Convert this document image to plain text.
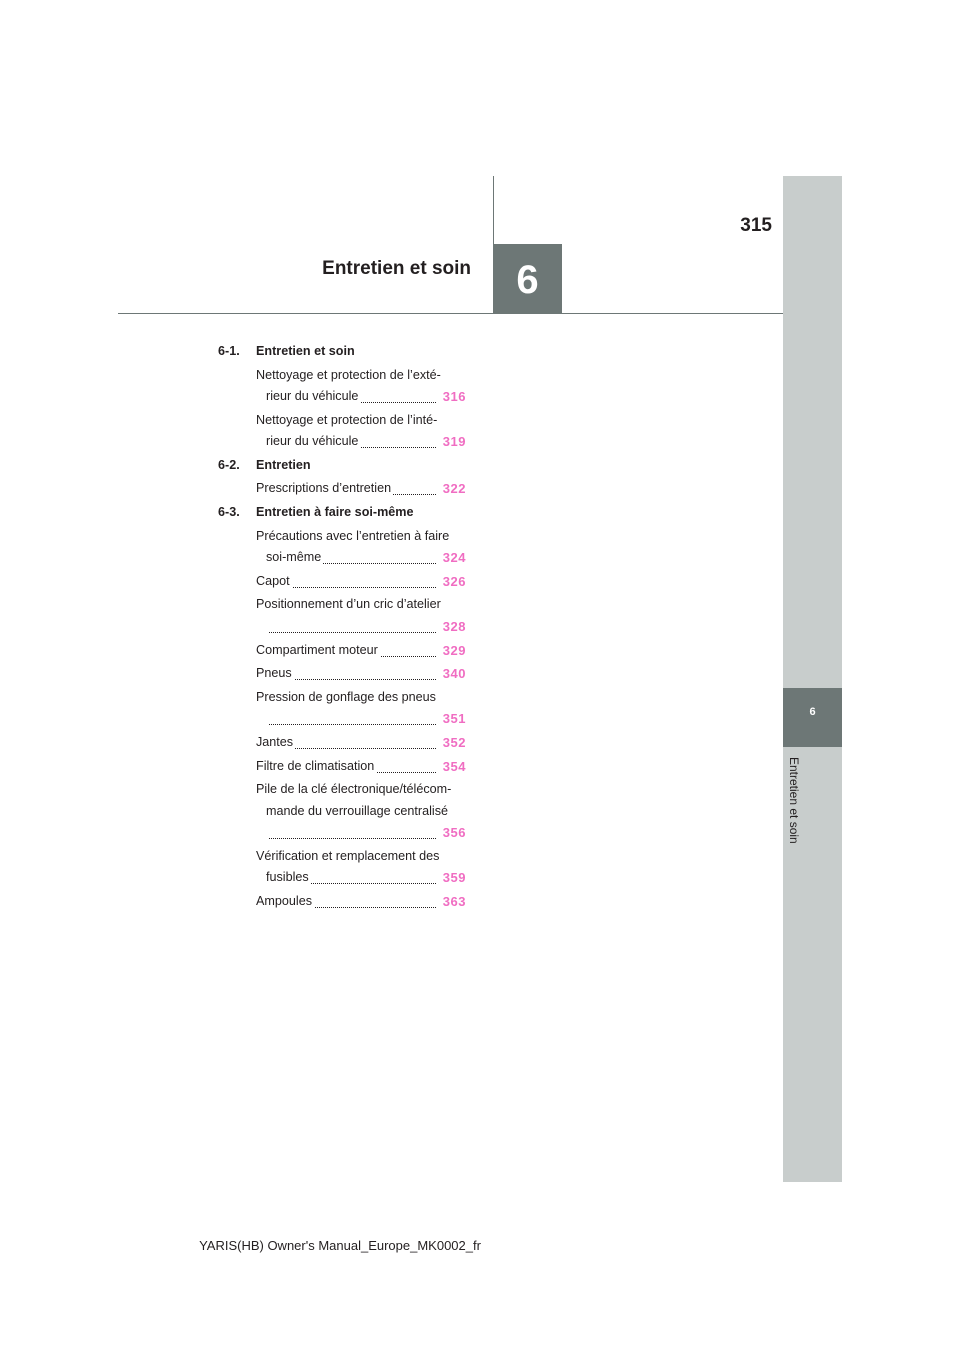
6
Entretien et soin
6
Entretien et soin
315
6-1. Entretien et soin
Nettoyage et protection de l’exté-
rieur du véhicule	316
Nettoyage et protection de l’inté-
rieur du véhicule	319
6-2. Entretien
Prescriptions d’entretien	322
6-3. Entretien à faire soi-même
Précautions avec l’entretien à faire
soi-même	324
Capot	326
Positionnement d’un cric d’atelier
328
Compartiment moteur	329
Pneus	340
Pression de gonflage des pneus
351
Jantes	352
Filtre de climatisation	354
Pile de la clé électronique/télécom-
mande du verrouillage centralisé
356
Vérification et remplacement des
fusibles	359
Ampoules	363
YARIS(HB) Owner's Manual_Europe_MK0002_fr
